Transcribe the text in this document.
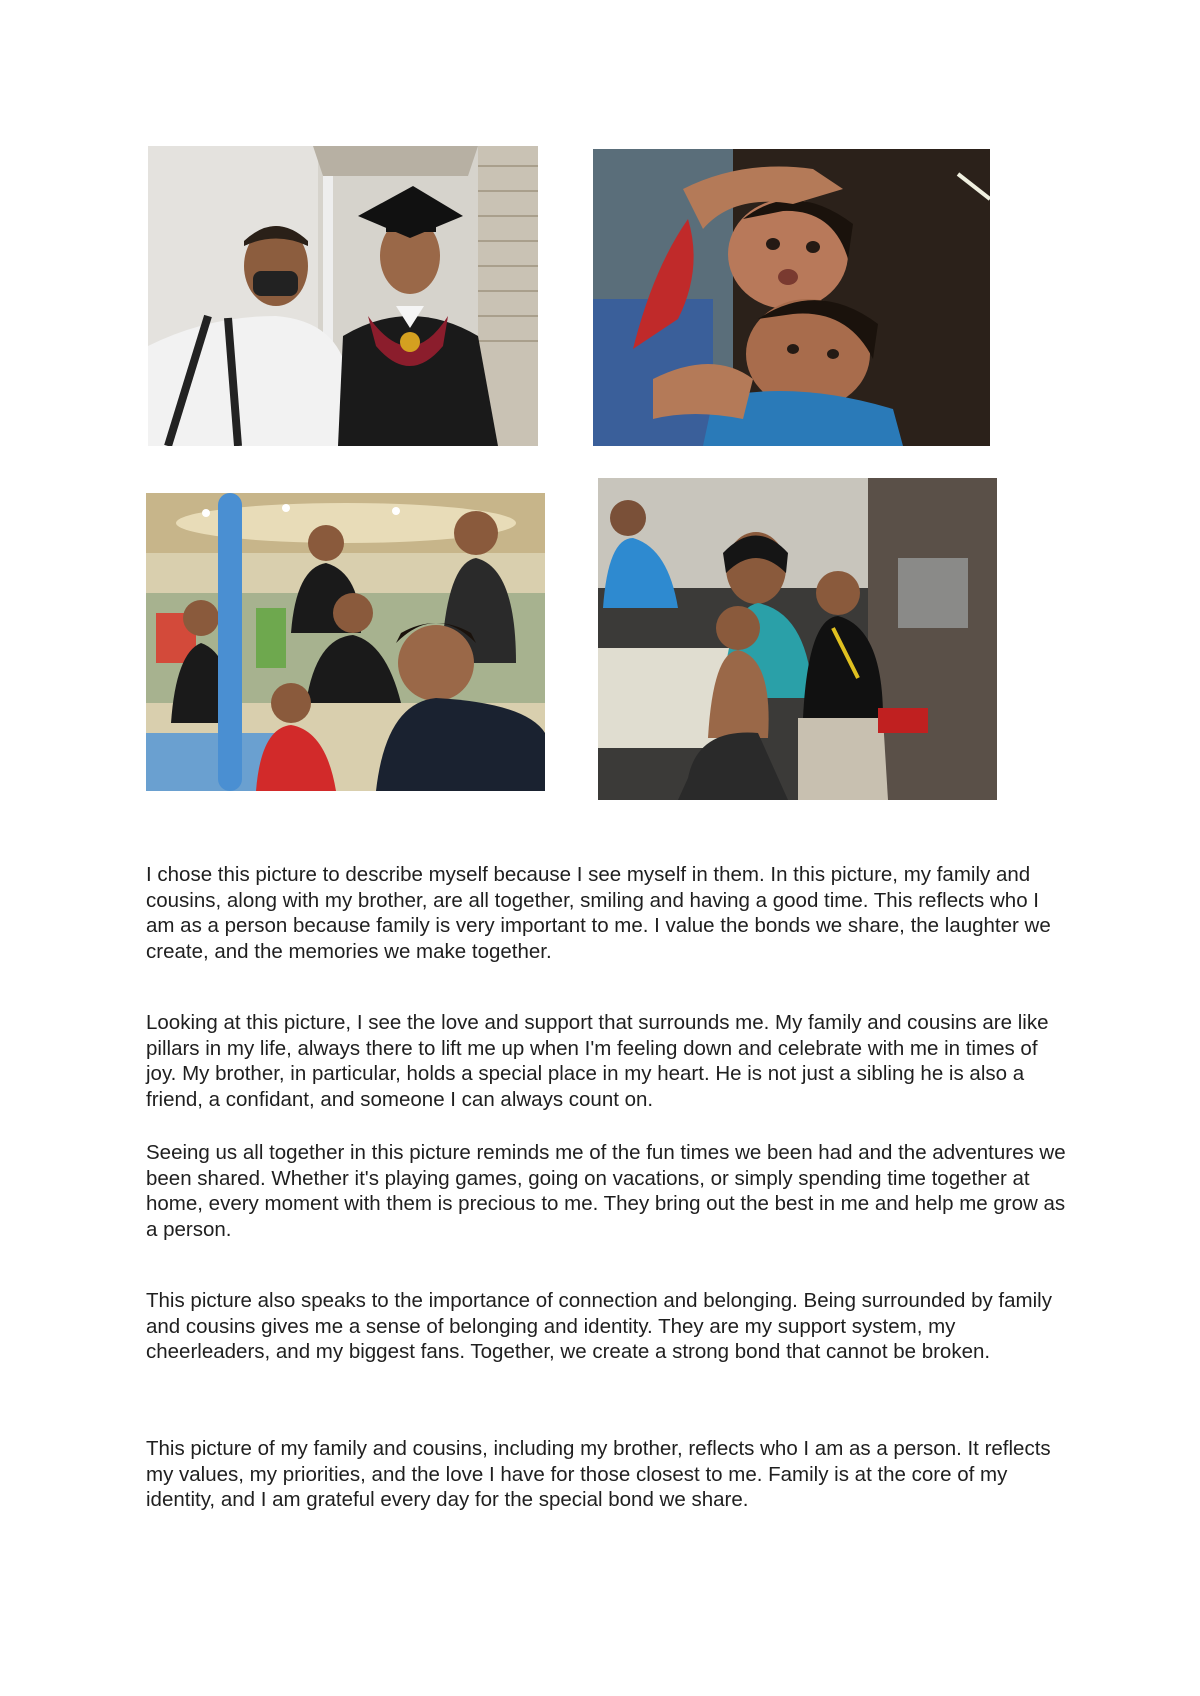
I chose this picture to describe myself because I see myself in them. In this picture, my family and cousins, along with my brother, are all together, smiling and having a good time. This reflects who I am as a person because family is very important to me. I value the bonds we share, the laughter we create, and the memories we make together.

Looking at this picture, I see the love and support that surrounds me. My family and cousins are like pillars in my life, always there to lift me up when I'm feeling down and celebrate with me in times of joy. My brother, in particular, holds a special place in my heart. He is not just a sibling he is also a friend, a confidant, and someone I can always count on.

Seeing us all together in this picture reminds me of the fun times we been had and the adventures we been shared. Whether it's playing games, going on vacations, or simply spending time together at home, every moment with them is precious to me. They bring out the best in me and help me grow as a person.

This picture also speaks to the importance of connection and belonging. Being surrounded by family and cousins gives me a sense of belonging and identity. They are my support system, my cheerleaders, and my biggest fans. Together, we create a strong bond that cannot be broken.

This picture of my family and cousins, including my brother, reflects who I am as a person. It reflects my values, my priorities, and the love I have for those closest to me. Family is at the core of my identity, and I am grateful every day for the special bond we share.
